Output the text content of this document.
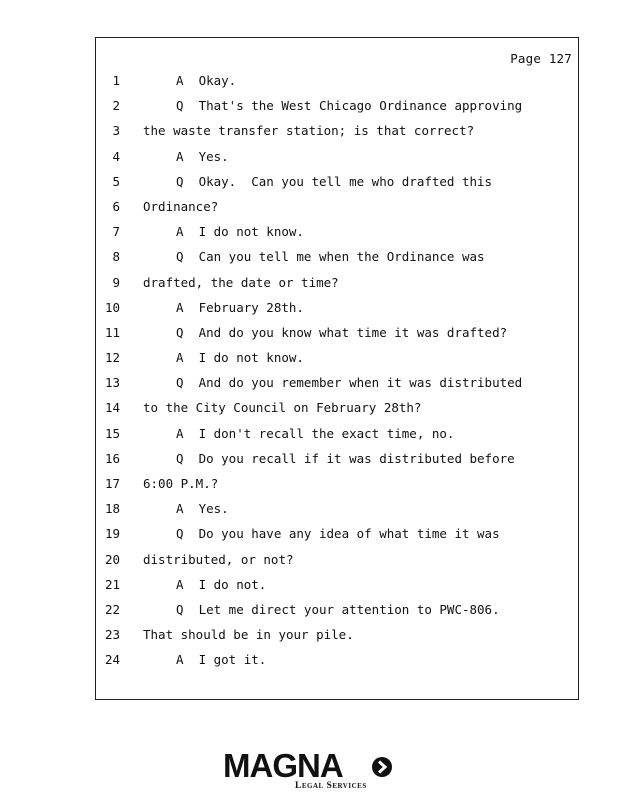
Page 127
1	A  Okay.
2	Q  That's the West Chicago Ordinance approving
3 the waste transfer station; is that correct?
4	A  Yes.
5	Q  Okay.  Can you tell me who drafted this
6 Ordinance?
7	A  I do not know.
8	Q  Can you tell me when the Ordinance was
9 drafted, the date or time?
10	A  February 28th.
11	Q  And do you know what time it was drafted?
12	A  I do not know.
13	Q  And do you remember when it was distributed
14 to the City Council on February 28th?
15	A  I don't recall the exact time, no.
16	Q  Do you recall if it was distributed before
17 6:00 P.M.?
18	A  Yes.
19	Q  Do you have any idea of what time it was
20 distributed, or not?
21	A  I do not.
22	Q  Let me direct your attention to PWC-806.
23 That should be in your pile.
24	A  I got it.
MAGNA
Legal Services
